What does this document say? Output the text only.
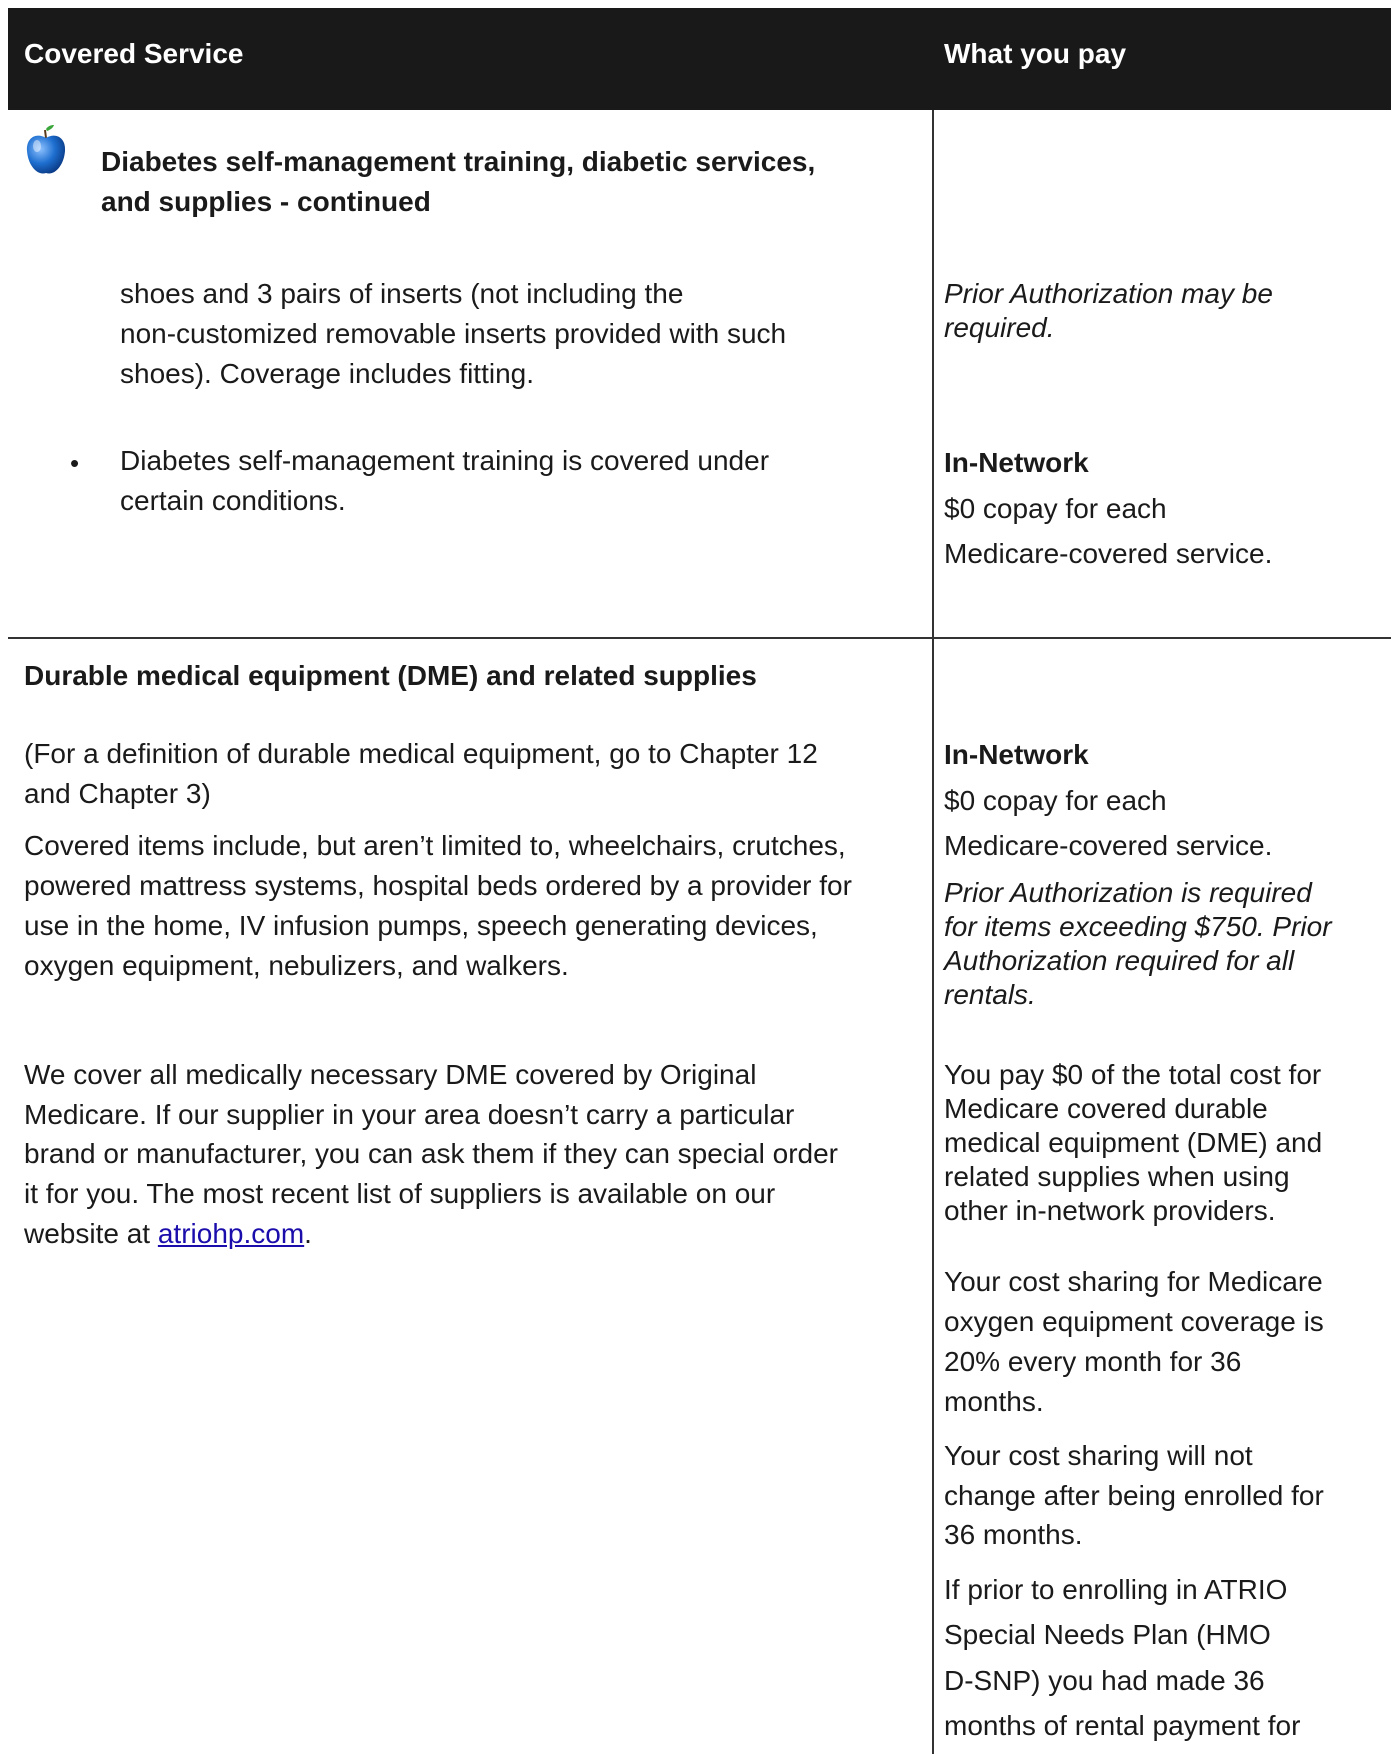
Covered Service	What you pay
Diabetes self-management training, diabetic services,
and supplies - continued
shoes and 3 pairs of inserts (not including the
non-customized removable inserts provided with such
shoes). Coverage includes fitting.
Prior Authorization may be
required.
• Diabetes self-management training is covered under
certain conditions.
In-Network
$0 copay for each
Medicare-covered service.
Durable medical equipment (DME) and related supplies
(For a definition of durable medical equipment, go to Chapter 12
and Chapter 3)
Covered items include, but aren’t limited to, wheelchairs, crutches,
powered mattress systems, hospital beds ordered by a provider for
use in the home, IV infusion pumps, speech generating devices,
oxygen equipment, nebulizers, and walkers.
In-Network
$0 copay for each
Medicare-covered service.
Prior Authorization is required
for items exceeding $750. Prior
Authorization required for all
rentals.
We cover all medically necessary DME covered by Original
Medicare. If our supplier in your area doesn’t carry a particular
brand or manufacturer, you can ask them if they can special order
it for you. The most recent list of suppliers is available on our
website at atriohp.com.
You pay $0 of the total cost for
Medicare covered durable
medical equipment (DME) and
related supplies when using
other in-network providers.
Your cost sharing for Medicare
oxygen equipment coverage is
20% every month for 36
months.
Your cost sharing will not
change after being enrolled for
36 months.
If prior to enrolling in ATRIO
Special Needs Plan (HMO
D-SNP) you had made 36
months of rental payment for
